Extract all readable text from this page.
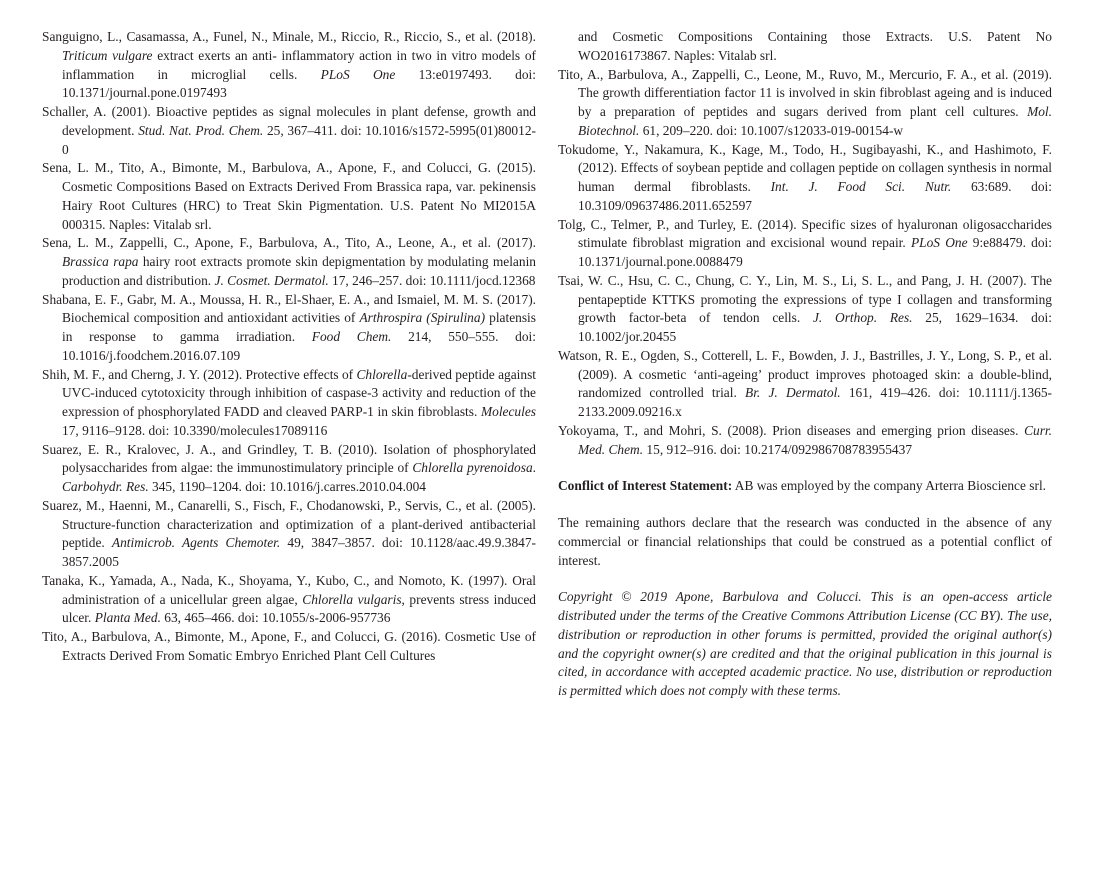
Sanguigno, L., Casamassa, A., Funel, N., Minale, M., Riccio, R., Riccio, S., et al. (2018). Triticum vulgare extract exerts an anti- inflammatory action in two in vitro models of inflammation in microglial cells. PLoS One 13:e0197493. doi: 10.1371/journal.pone.0197493

Schaller, A. (2001). Bioactive peptides as signal molecules in plant defense, growth and development. Stud. Nat. Prod. Chem. 25, 367–411. doi: 10.1016/s1572-5995(01)80012-0

Sena, L. M., Tito, A., Bimonte, M., Barbulova, A., Apone, F., and Colucci, G. (2015). Cosmetic Compositions Based on Extracts Derived From Brassica rapa, var. pekinensis Hairy Root Cultures (HRC) to Treat Skin Pigmentation. U.S. Patent No MI2015A 000315. Naples: Vitalab srl.

Sena, L. M., Zappelli, C., Apone, F., Barbulova, A., Tito, A., Leone, A., et al. (2017). Brassica rapa hairy root extracts promote skin depigmentation by modulating melanin production and distribution. J. Cosmet. Dermatol. 17, 246–257. doi: 10.1111/jocd.12368

Shabana, E. F., Gabr, M. A., Moussa, H. R., El-Shaer, E. A., and Ismaiel, M. M. S. (2017). Biochemical composition and antioxidant activities of Arthrospira (Spirulina) platensis in response to gamma irradiation. Food Chem. 214, 550–555. doi: 10.1016/j.foodchem.2016.07.109

Shih, M. F., and Cherng, J. Y. (2012). Protective effects of Chlorella-derived peptide against UVC-induced cytotoxicity through inhibition of caspase-3 activity and reduction of the expression of phosphorylated FADD and cleaved PARP-1 in skin fibroblasts. Molecules 17, 9116–9128. doi: 10.3390/molecules17089116

Suarez, E. R., Kralovec, J. A., and Grindley, T. B. (2010). Isolation of phosphorylated polysaccharides from algae: the immunostimulatory principle of Chlorella pyrenoidosa. Carbohydr. Res. 345, 1190–1204. doi: 10.1016/j.carres.2010.04.004

Suarez, M., Haenni, M., Canarelli, S., Fisch, F., Chodanowski, P., Servis, C., et al. (2005). Structure-function characterization and optimization of a plant-derived antibacterial peptide. Antimicrob. Agents Chemoter. 49, 3847–3857. doi: 10.1128/aac.49.9.3847-3857.2005

Tanaka, K., Yamada, A., Nada, K., Shoyama, Y., Kubo, C., and Nomoto, K. (1997). Oral administration of a unicellular green algae, Chlorella vulgaris, prevents stress induced ulcer. Planta Med. 63, 465–466. doi: 10.1055/s-2006-957736

Tito, A., Barbulova, A., Bimonte, M., Apone, F., and Colucci, G. (2016). Cosmetic Use of Extracts Derived From Somatic Embryo Enriched Plant Cell Cultures

and Cosmetic Compositions Containing those Extracts. U.S. Patent No WO2016173867. Naples: Vitalab srl.

Tito, A., Barbulova, A., Zappelli, C., Leone, M., Ruvo, M., Mercurio, F. A., et al. (2019). The growth differentiation factor 11 is involved in skin fibroblast ageing and is induced by a preparation of peptides and sugars derived from plant cell cultures. Mol. Biotechnol. 61, 209–220. doi: 10.1007/s12033-019-00154-w

Tokudome, Y., Nakamura, K., Kage, M., Todo, H., Sugibayashi, K., and Hashimoto, F. (2012). Effects of soybean peptide and collagen peptide on collagen synthesis in normal human dermal fibroblasts. Int. J. Food Sci. Nutr. 63:689. doi: 10.3109/09637486.2011.652597

Tolg, C., Telmer, P., and Turley, E. (2014). Specific sizes of hyaluronan oligosaccharides stimulate fibroblast migration and excisional wound repair. PLoS One 9:e88479. doi: 10.1371/journal.pone.0088479

Tsai, W. C., Hsu, C. C., Chung, C. Y., Lin, M. S., Li, S. L., and Pang, J. H. (2007). The pentapeptide KTTKS promoting the expressions of type I collagen and transforming growth factor-beta of tendon cells. J. Orthop. Res. 25, 1629–1634. doi: 10.1002/jor.20455

Watson, R. E., Ogden, S., Cotterell, L. F., Bowden, J. J., Bastrilles, J. Y., Long, S. P., et al. (2009). A cosmetic ‘anti-ageing’ product improves photoaged skin: a double-blind, randomized controlled trial. Br. J. Dermatol. 161, 419–426. doi: 10.1111/j.1365-2133.2009.09216.x

Yokoyama, T., and Mohri, S. (2008). Prion diseases and emerging prion diseases. Curr. Med. Chem. 15, 912–916. doi: 10.2174/092986708783955437

Conflict of Interest Statement: AB was employed by the company Arterra Bioscience srl.

The remaining authors declare that the research was conducted in the absence of any commercial or financial relationships that could be construed as a potential conflict of interest.

Copyright © 2019 Apone, Barbulova and Colucci. This is an open-access article distributed under the terms of the Creative Commons Attribution License (CC BY). The use, distribution or reproduction in other forums is permitted, provided the original author(s) and the copyright owner(s) are credited and that the original publication in this journal is cited, in accordance with accepted academic practice. No use, distribution or reproduction is permitted which does not comply with these terms.
